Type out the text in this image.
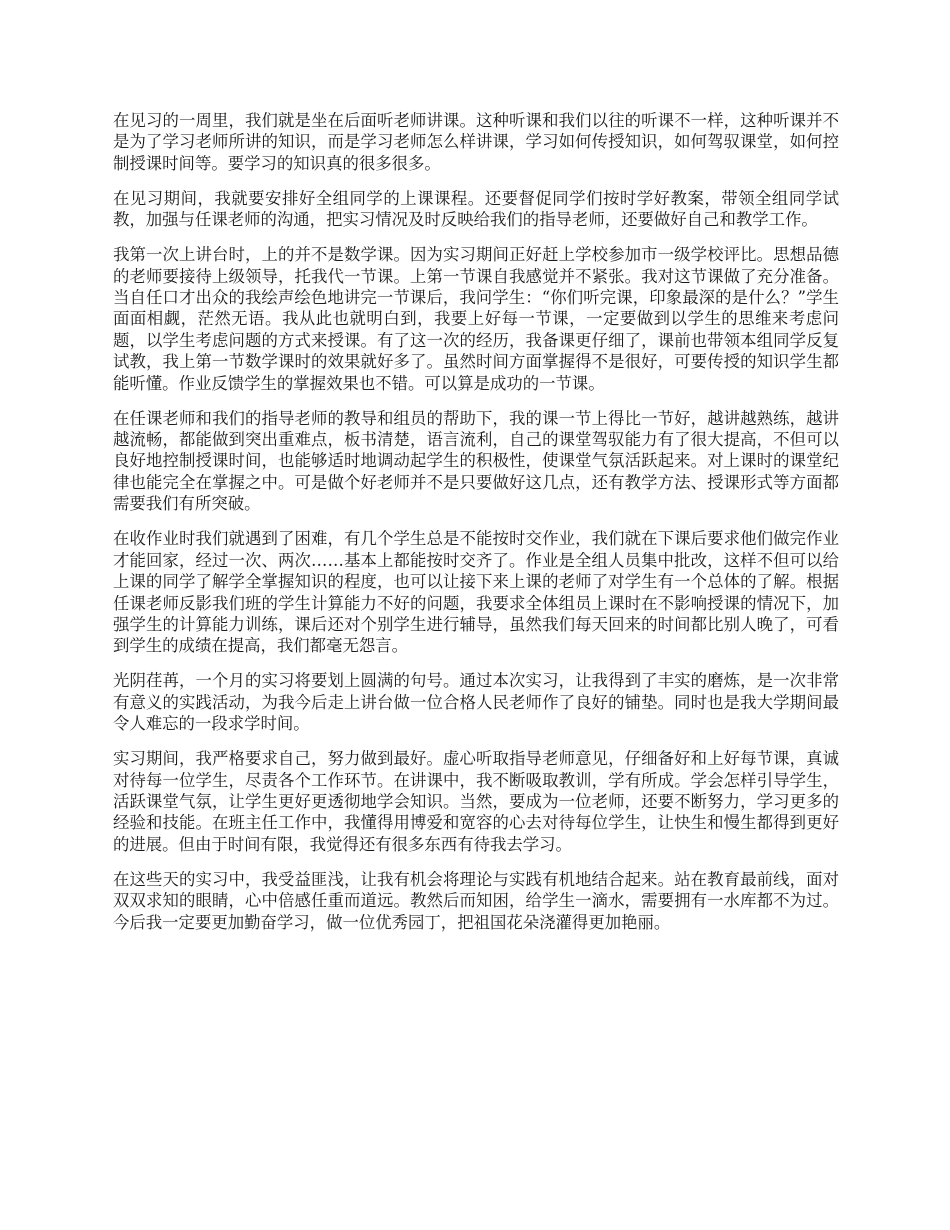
在见习的一周里，我们就是坐在后面听老师讲课。这种听课和我们以往的听课不一样，这种听课并不是为了学习老师所讲的知识，而是学习老师怎么样讲课，学习如何传授知识，如何驾驭课堂，如何控制授课时间等。要学习的知识真的很多很多。

在见习期间，我就要安排好全组同学的上课课程。还要督促同学们按时学好教案，带领全组同学试教，加强与任课老师的沟通，把实习情况及时反映给我们的指导老师，还要做好自己和教学工作。

我第一次上讲台时，上的并不是数学课。因为实习期间正好赶上学校参加市一级学校评比。思想品德的老师要接待上级领导，托我代一节课。上第一节课自我感觉并不紧张。我对这节课做了充分准备。当自任口才出众的我绘声绘色地讲完一节课后，我问学生：“你们听完课，印象最深的是什么？”学生面面相觑，茫然无语。我从此也就明白到，我要上好每一节课，一定要做到以学生的思维来考虑问题，以学生考虑问题的方式来授课。有了这一次的经历，我备课更仔细了，课前也带领本组同学反复试教，我上第一节数学课时的效果就好多了。虽然时间方面掌握得不是很好，可要传授的知识学生都能听懂。作业反馈学生的掌握效果也不错。可以算是成功的一节课。

在任课老师和我们的指导老师的教导和组员的帮助下，我的课一节上得比一节好，越讲越熟练，越讲越流畅，都能做到突出重难点，板书清楚，语言流利，自己的课堂驾驭能力有了很大提高，不但可以良好地控制授课时间，也能够适时地调动起学生的积极性，使课堂气氛活跃起来。对上课时的课堂纪律也能完全在掌握之中。可是做个好老师并不是只要做好这几点，还有教学方法、授课形式等方面都需要我们有所突破。

在收作业时我们就遇到了困难，有几个学生总是不能按时交作业，我们就在下课后要求他们做完作业才能回家，经过一次、两次……基本上都能按时交齐了。作业是全组人员集中批改，这样不但可以给上课的同学了解学全掌握知识的程度，也可以让接下来上课的老师了对学生有一个总体的了解。根据任课老师反影我们班的学生计算能力不好的问题，我要求全体组员上课时在不影响授课的情况下，加强学生的计算能力训练，课后还对个别学生进行辅导，虽然我们每天回来的时间都比别人晚了，可看到学生的成绩在提高，我们都毫无怨言。

光阴荏苒，一个月的实习将要划上圆满的句号。通过本次实习，让我得到了丰实的磨炼，是一次非常有意义的实践活动，为我今后走上讲台做一位合格人民老师作了良好的铺垫。同时也是我大学期间最令人难忘的一段求学时间。

实习期间，我严格要求自己，努力做到最好。虚心听取指导老师意见，仔细备好和上好每节课，真诚对待每一位学生，尽责各个工作环节。在讲课中，我不断吸取教训，学有所成。学会怎样引导学生，活跃课堂气氛，让学生更好更透彻地学会知识。当然，要成为一位老师，还要不断努力，学习更多的经验和技能。在班主任工作中，我懂得用博爱和宽容的心去对待每位学生，让快生和慢生都得到更好的进展。但由于时间有限，我觉得还有很多东西有待我去学习。

在这些天的实习中，我受益匪浅，让我有机会将理论与实践有机地结合起来。站在教育最前线，面对双双求知的眼睛，心中倍感任重而道远。教然后而知困，给学生一滴水，需要拥有一水库都不为过。今后我一定要更加勤奋学习，做一位优秀园丁，把祖国花朵浇灌得更加艳丽。
